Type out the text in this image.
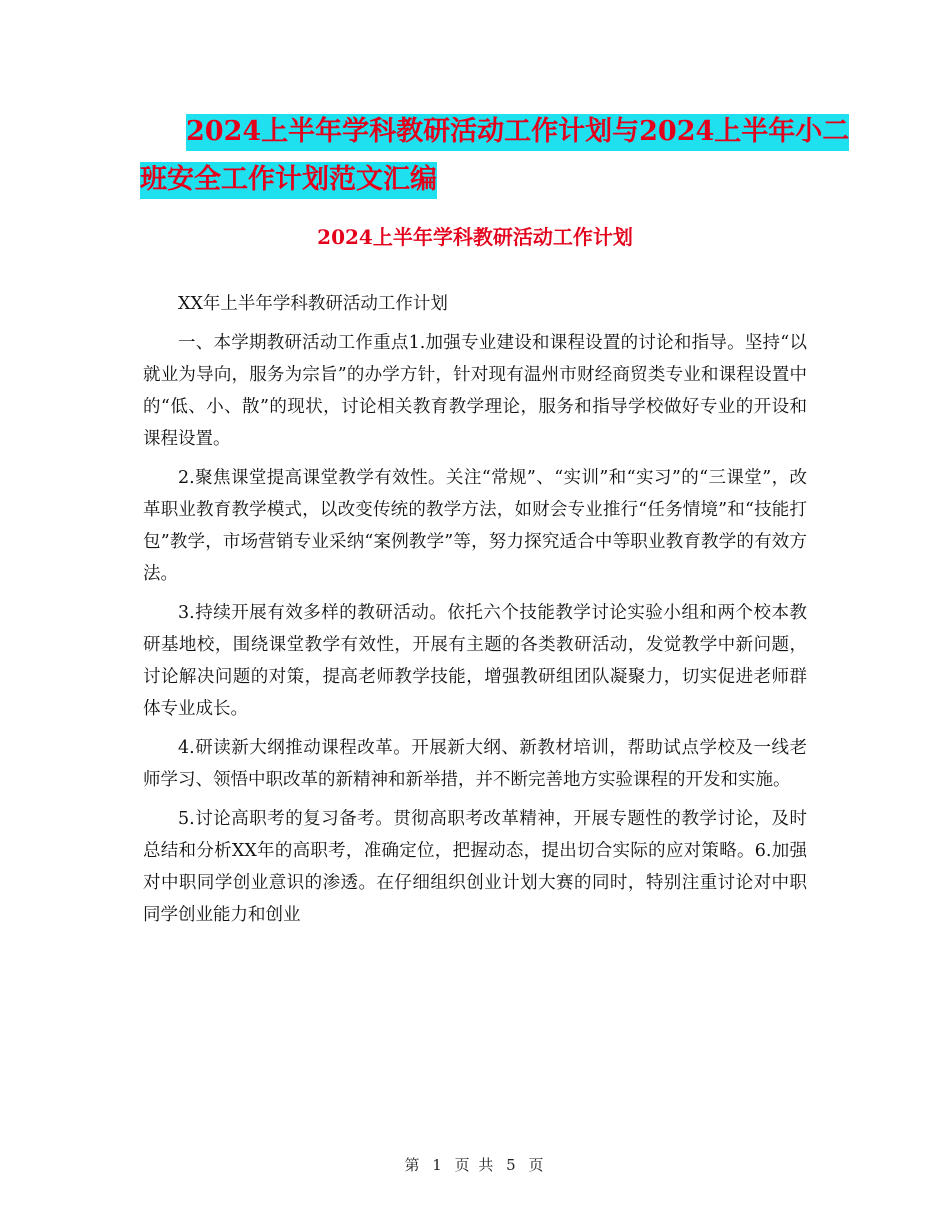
2024上半年学科教研活动工作计划与2024上半年小二
班安全工作计划范文汇编
2024上半年学科教研活动工作计划

XX年上半年学科教研活动工作计划

一、本学期教研活动工作重点1.加强专业建设和课程设置的讨论和指导。坚持“以就业为导向，服务为宗旨”的办学方针，针对现有温州市财经商贸类专业和课程设置中的“低、小、散”的现状，讨论相关教育教学理论，服务和指导学校做好专业的开设和课程设置。

2.聚焦课堂提高课堂教学有效性。关注“常规”、“实训”和“实习”的“三课堂”，改革职业教育教学模式，以改变传统的教学方法，如财会专业推行“任务情境”和“技能打包”教学，市场营销专业采纳“案例教学”等，努力探究适合中等职业教育教学的有效方法。

3.持续开展有效多样的教研活动。依托六个技能教学讨论实验小组和两个校本教研基地校，围绕课堂教学有效性，开展有主题的各类教研活动，发觉教学中新问题，讨论解决问题的对策，提高老师教学技能，增强教研组团队凝聚力，切实促进老师群体专业成长。

4.研读新大纲推动课程改革。开展新大纲、新教材培训，帮助试点学校及一线老师学习、领悟中职改革的新精神和新举措，并不断完善地方实验课程的开发和实施。

5.讨论高职考的复习备考。贯彻高职考改革精神，开展专题性的教学讨论，及时总结和分析XX年的高职考，准确定位，把握动态，提出切合实际的应对策略。6.加强对中职同学创业意识的渗透。在仔细组织创业计划大赛的同时，特别注重讨论对中职同学创业能力和创业

第 1 页 共 5 页
